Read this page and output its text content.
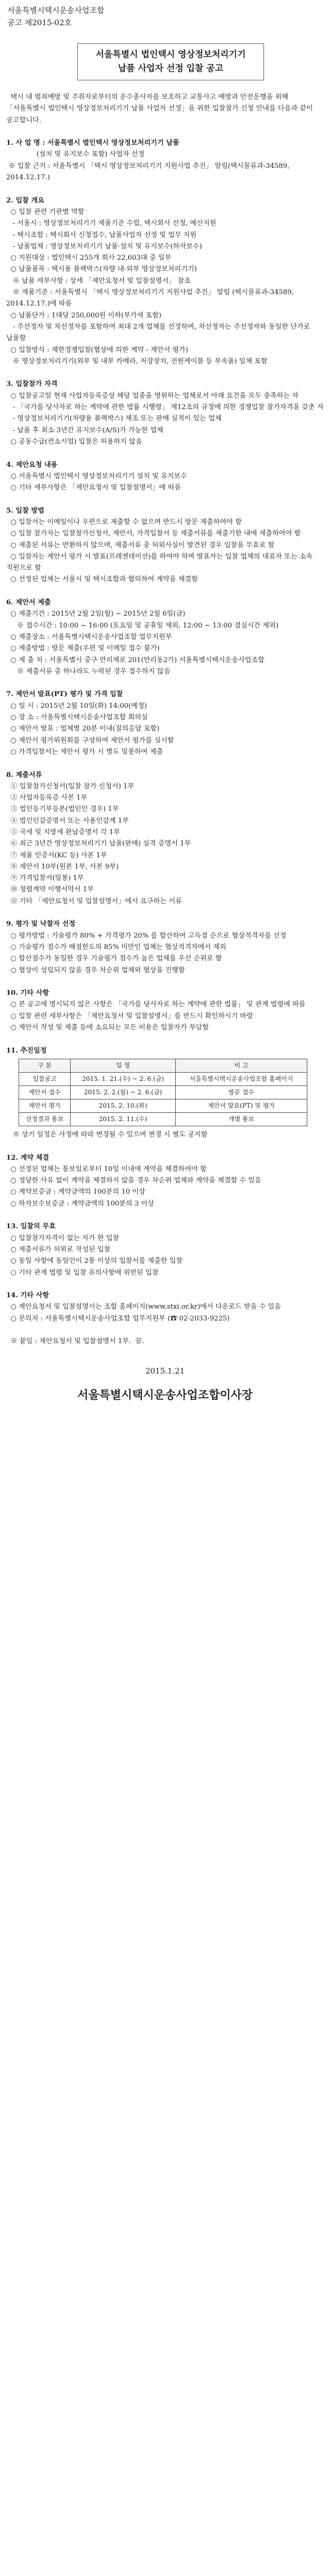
서울특별시택시운송사업조합
공고 제2015-02호
서울특별시 법인택시 영상정보처리기기
납품 사업자 선정 입찰 공고

택시 내 범죄예방 및 주취자로부터의 운수종사자를 보호하고 교통사고 예방과 안전운행을 위해 「서울특별시 법인택시 영상정보처리기기 납품 사업자 선정」을 위한 입찰참가 신청 안내를 다음과 같이 공고합니다.

1. 사 업 명 : 서울특별시 법인택시 영상정보처리기기 납품

(설치 및 유지보수 포함) 사업자 선정

※ 입찰 근거 : 서울특별시 「택시 영상정보처리기기 지원사업 추진」 알림(택시물류과-34589, 2014.12.17.)

2. 입찰 개요

○ 입찰 관련 기관별 역할

- 서울시 : 영상정보처리기기 제품기준 수립, 택시회사 선정, 예산지원

- 택시조합 : 택시회사 신청접수, 납품사업자 선정 및 업무 지원

- 납품업체 : 영상정보처리기기 납품·설치 및 유지보수(하자보수)

○ 지원대상 : 법인택시 255개 회사 22,603대 중 일부

○ 납품품목 : 택시용 블랙박스(차량 내·외부 영상정보처리기기)

※ 납품 세부사항 : 상세 「제안요청서 및 입찰설명서」 참조

※ 제품기준 : 서울특별시 「택시 영상정보처리기기 지원사업 추진」 알림 (택시물류과-34589, 2014.12.17.)에 따름

○ 납품단가 : 1대당 250,000원 이하(부가세 포함)

- 주선정자 및 차선정자를 포함하여 최대 2개 업체를 선정하며, 차선정자는 주선정자와 동일한 단가로 납품함

○ 입찰방식 : 제한경쟁입찰(협상에 의한 계약 - 제안서 평가)

※ 영상정보처리기기(외부 및 내부 카메라, 저장장치, 전원케이블 등 부속품) 일체 포함

3. 입찰참가 자격

○ 입찰공고일 현재 사업자등록증상 해당 업종을 영위하는 업체로서 아래 요건을 모두 충족하는 자

- 「국가를 당사자로 하는 계약에 관한 법률 시행령」 제12조의 규정에 의한 경쟁입찰 참가자격을 갖춘 자

- 영상정보처리기기(차량용 블랙박스) 제조 또는 판매 실적이 있는 업체

- 납품 후 최소 3년간 유지보수(A/S)가 가능한 업체

○ 공동수급(컨소시엄) 입찰은 허용하지 않음

4. 제안요청 내용

○ 서울특별시 법인택시 영상정보처리기기 설치 및 유지보수

○ 기타 세부사항은 「제안요청서 및 입찰설명서」에 따름

5. 입찰 방법

○ 입찰서는 이메일이나 우편으로 제출할 수 없으며 반드시 방문 제출하여야 함

○ 입찰 참가자는 입찰참가신청서, 제안서, 가격입찰서 등 제출서류를 제출기한 내에 제출하여야 함

○ 제출된 서류는 반환하지 않으며, 제출서류 중 허위사실이 발견된 경우 입찰을 무효로 함

○ 입찰자는 제안서 평가 시 발표(프레젠테이션)를 하여야 하며 발표자는 입찰 업체의 대표자 또는 소속 직원으로 함

○ 선정된 업체는 서울시 및 택시조합과 협의하여 계약을 체결함

6. 제안서 제출

○ 제출기간 : 2015년 2월 2일(월) ~ 2015년 2월 6일(금)

※ 접수시간 : 10:00 ~ 16:00 (토요일 및 공휴일 제외, 12:00 ~ 13:00 점심시간 제외)

○ 제출장소 : 서울특별시택시운송사업조합 업무지원부

○ 제출방법 : 방문 제출(우편 및 이메일 접수 불가)

○ 제 출 처 : 서울특별시 중구 만리재로 201(만리동2가) 서울특별시택시운송사업조합

※ 제출서류 중 하나라도 누락된 경우 접수하지 않음

7. 제안서 발표(PT) 평가 및 가격 입찰

○ 일 시 : 2015년 2월 10일(화) 14:00(예정)

○ 장 소 : 서울특별시택시운송사업조합 회의실

○ 제안서 발표 : 업체별 20분 이내(질의응답 포함)

○ 제안서 평가위원회를 구성하여 제안서 평가를 실시함

○ 가격입찰서는 제안서 평가 시 별도 밀봉하여 제출

8. 제출서류

① 입찰참가신청서(입찰 참가 신청서) 1부

② 사업자등록증 사본 1부

③ 법인등기부등본(법인인 경우) 1부

④ 법인인감증명서 또는 사용인감계 1부

⑤ 국세 및 지방세 완납증명서 각 1부

⑥ 최근 3년간 영상정보처리기기 납품(판매) 실적 증명서 1부

⑦ 제품 인증서(KC 등) 사본 1부

⑧ 제안서 10부(원본 1부, 사본 9부)

⑨ 가격입찰서(밀봉) 1부

⑩ 청렴계약 이행서약서 1부

⑪ 기타 「제안요청서 및 입찰설명서」에서 요구하는 서류

9. 평가 및 낙찰자 선정

○ 평가방법 : 기술평가 80% + 가격평가 20% 를 합산하여 고득점 순으로 협상적격자를 선정

○ 기술평가 점수가 배점한도의 85% 미만인 업체는 협상적격자에서 제외

○ 합산점수가 동일한 경우 기술평가 점수가 높은 업체를 우선 순위로 함

○ 협상이 성립되지 않을 경우 차순위 업체와 협상을 진행함

10. 기타 사항

○ 본 공고에 명시되지 않은 사항은 「국가를 당사자로 하는 계약에 관한 법률」 및 관계 법령에 따름

○ 입찰 관련 세부사항은 「제안요청서 및 입찰설명서」를 반드시 확인하시기 바람

○ 제안서 작성 및 제출 등에 소요되는 모든 비용은 입찰자가 부담함

11. 추진일정

구 분	일 정	비 고
입찰공고	2015. 1. 21.(수) ~ 2. 6.(금)	서울특별시택시운송사업조합 홈페이지
제안서 접수	2015. 2. 2.(월) ~ 2. 6.(금)	방문 접수
제안서 평가	2015. 2. 10.(화)	제안서 발표(PT) 및 평가
선정결과 통보	2015. 2. 11.(수)	개별 통보

※ 상기 일정은 사정에 따라 변경될 수 있으며 변경 시 별도 공지함

12. 계약 체결

○ 선정된 업체는 통보일로부터 10일 이내에 계약을 체결하여야 함

○ 정당한 사유 없이 계약을 체결하지 않을 경우 차순위 업체와 계약을 체결할 수 있음

○ 계약보증금 : 계약금액의 100분의 10 이상

○ 하자보수보증금 : 계약금액의 100분의 3 이상

13. 입찰의 무효

○ 입찰참가자격이 없는 자가 한 입찰

○ 제출서류가 허위로 작성된 입찰

○ 동일 사항에 동일인이 2통 이상의 입찰서를 제출한 입찰

○ 기타 관계 법령 및 입찰 유의사항에 위반된 입찰

14. 기타 사항

○ 제안요청서 및 입찰설명서는 조합 홈페이지(www.stxi.or.kr)에서 다운로드 받을 수 있음

○ 문의처 : 서울특별시택시운송사업조합 업무지원부 (☎ 02-2033-9225)

※ 붙임 : 제안요청서 및 입찰설명서 1부.  끝.

2015.1.21
서울특별시택시운송사업조합이사장
